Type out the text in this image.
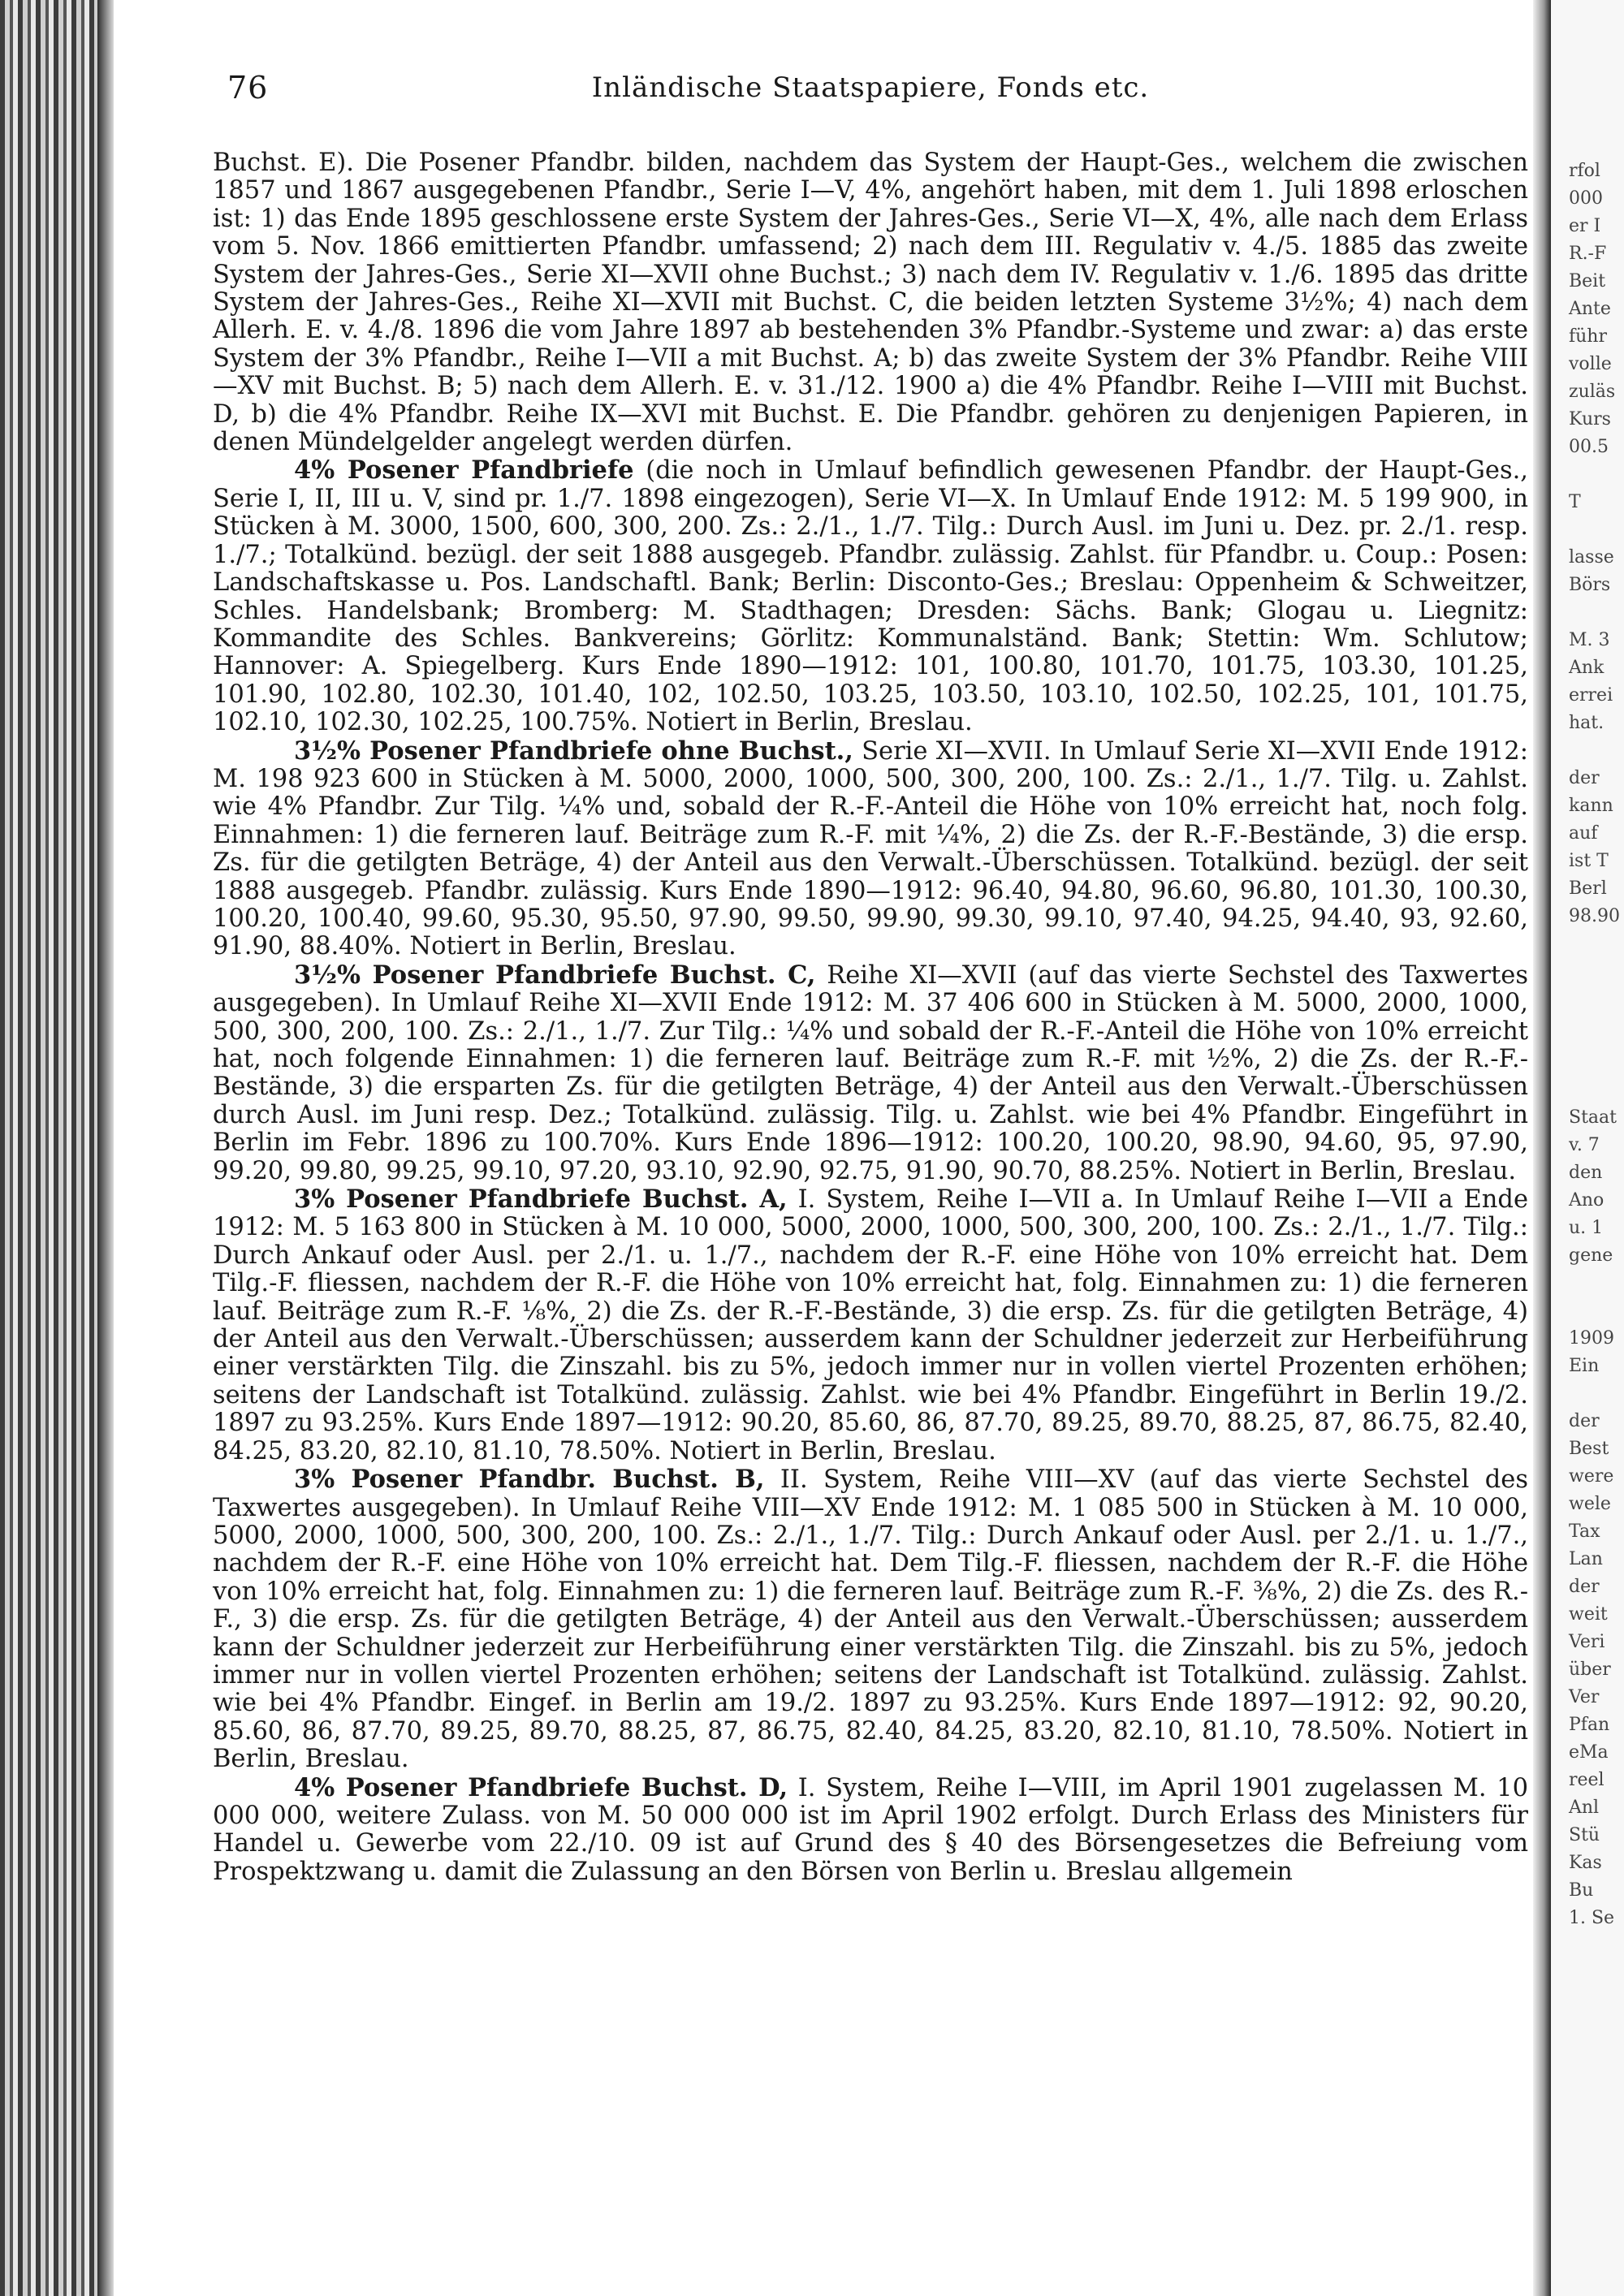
76	Inländische Staatspapiere, Fonds etc.

Buchst. E). Die Posener Pfandbr. bilden, nachdem das System der Haupt-Ges., welchem die zwischen 1857 und 1867 ausgegebenen Pfandbr., Serie I—V, 4%, angehört haben, mit dem 1. Juli 1898 erloschen ist: 1) das Ende 1895 geschlossene erste System der Jahres-Ges., Serie VI—X, 4%, alle nach dem Erlass vom 5. Nov. 1866 emittierten Pfandbr. umfassend; 2) nach dem III. Regulativ v. 4./5. 1885 das zweite System der Jahres-Ges., Serie XI—XVII ohne Buchst.; 3) nach dem IV. Regulativ v. 1./6. 1895 das dritte System der Jahres-Ges., Reihe XI—XVII mit Buchst. C, die beiden letzten Systeme 3½%; 4) nach dem Allerh. E. v. 4./8. 1896 die vom Jahre 1897 ab bestehenden 3% Pfandbr.-Systeme und zwar: a) das erste System der 3% Pfandbr., Reihe I—VII a mit Buchst. A; b) das zweite System der 3% Pfandbr. Reihe VIII—XV mit Buchst. B; 5) nach dem Allerh. E. v. 31./12. 1900 a) die 4% Pfandbr. Reihe I—VIII mit Buchst. D, b) die 4% Pfandbr. Reihe IX—XVI mit Buchst. E. Die Pfandbr. gehören zu denjenigen Papieren, in denen Mündelgelder angelegt werden dürfen.

4% Posener Pfandbriefe (die noch in Umlauf befindlich gewesenen Pfandbr. der Haupt-Ges., Serie I, II, III u. V, sind pr. 1./7. 1898 eingezogen), Serie VI—X. In Umlauf Ende 1912: M. 5 199 900, in Stücken à M. 3000, 1500, 600, 300, 200. Zs.: 2./1., 1./7. Tilg.: Durch Ausl. im Juni u. Dez. pr. 2./1. resp. 1./7.; Totalkünd. bezügl. der seit 1888 ausgegeb. Pfandbr. zulässig. Zahlst. für Pfandbr. u. Coup.: Posen: Landschaftskasse u. Pos. Landschaftl. Bank; Berlin: Disconto-Ges.; Breslau: Oppenheim & Schweitzer, Schles. Handelsbank; Bromberg: M. Stadthagen; Dresden: Sächs. Bank; Glogau u. Liegnitz: Kommandite des Schles. Bankvereins; Görlitz: Kommunalständ. Bank; Stettin: Wm. Schlutow; Hannover: A. Spiegelberg. Kurs Ende 1890—1912: 101, 100.80, 101.70, 101.75, 103.30, 101.25, 101.90, 102.80, 102.30, 101.40, 102, 102.50, 103.25, 103.50, 103.10, 102.50, 102.25, 101, 101.75, 102.10, 102.30, 102.25, 100.75%. Notiert in Berlin, Breslau.

3½% Posener Pfandbriefe ohne Buchst., Serie XI—XVII. In Umlauf Serie XI—XVII Ende 1912: M. 198 923 600 in Stücken à M. 5000, 2000, 1000, 500, 300, 200, 100. Zs.: 2./1., 1./7. Tilg. u. Zahlst. wie 4% Pfandbr. Zur Tilg. ¼% und, sobald der R.-F.-Anteil die Höhe von 10% erreicht hat, noch folg. Einnahmen: 1) die ferneren lauf. Beiträge zum R.-F. mit ¼%, 2) die Zs. der R.-F.-Bestände, 3) die ersp. Zs. für die getilgten Beträge, 4) der Anteil aus den Verwalt.-Überschüssen. Totalkünd. bezügl. der seit 1888 ausgegeb. Pfandbr. zulässig. Kurs Ende 1890—1912: 96.40, 94.80, 96.60, 96.80, 101.30, 100.30, 100.20, 100.40, 99.60, 95.30, 95.50, 97.90, 99.50, 99.90, 99.30, 99.10, 97.40, 94.25, 94.40, 93, 92.60, 91.90, 88.40%. Notiert in Berlin, Breslau.

3½% Posener Pfandbriefe Buchst. C, Reihe XI—XVII (auf das vierte Sechstel des Taxwertes ausgegeben). In Umlauf Reihe XI—XVII Ende 1912: M. 37 406 600 in Stücken à M. 5000, 2000, 1000, 500, 300, 200, 100. Zs.: 2./1., 1./7. Zur Tilg.: ¼% und sobald der R.-F.-Anteil die Höhe von 10% erreicht hat, noch folgende Einnahmen: 1) die ferneren lauf. Beiträge zum R.-F. mit ½%, 2) die Zs. der R.-F.-Bestände, 3) die ersparten Zs. für die getilgten Beträge, 4) der Anteil aus den Verwalt.-Überschüssen durch Ausl. im Juni resp. Dez.; Totalkünd. zulässig. Tilg. u. Zahlst. wie bei 4% Pfandbr. Eingeführt in Berlin im Febr. 1896 zu 100.70%. Kurs Ende 1896—1912: 100.20, 100.20, 98.90, 94.60, 95, 97.90, 99.20, 99.80, 99.25, 99.10, 97.20, 93.10, 92.90, 92.75, 91.90, 90.70, 88.25%. Notiert in Berlin, Breslau.

3% Posener Pfandbriefe Buchst. A, I. System, Reihe I—VII a. In Umlauf Reihe I—VII a Ende 1912: M. 5 163 800 in Stücken à M. 10 000, 5000, 2000, 1000, 500, 300, 200, 100. Zs.: 2./1., 1./7. Tilg.: Durch Ankauf oder Ausl. per 2./1. u. 1./7., nachdem der R.-F. eine Höhe von 10% erreicht hat. Dem Tilg.-F. fliessen, nachdem der R.-F. die Höhe von 10% erreicht hat, folg. Einnahmen zu: 1) die ferneren lauf. Beiträge zum R.-F. ⅛%, 2) die Zs. der R.-F.-Bestände, 3) die ersp. Zs. für die getilgten Beträge, 4) der Anteil aus den Verwalt.-Überschüssen; ausserdem kann der Schuldner jederzeit zur Herbeiführung einer verstärkten Tilg. die Zinszahl. bis zu 5%, jedoch immer nur in vollen viertel Prozenten erhöhen; seitens der Landschaft ist Totalkünd. zulässig. Zahlst. wie bei 4% Pfandbr. Eingeführt in Berlin 19./2. 1897 zu 93.25%. Kurs Ende 1897—1912: 90.20, 85.60, 86, 87.70, 89.25, 89.70, 88.25, 87, 86.75, 82.40, 84.25, 83.20, 82.10, 81.10, 78.50%. Notiert in Berlin, Breslau.

3% Posener Pfandbr. Buchst. B, II. System, Reihe VIII—XV (auf das vierte Sechstel des Taxwertes ausgegeben). In Umlauf Reihe VIII—XV Ende 1912: M. 1 085 500 in Stücken à M. 10 000, 5000, 2000, 1000, 500, 300, 200, 100. Zs.: 2./1., 1./7. Tilg.: Durch Ankauf oder Ausl. per 2./1. u. 1./7., nachdem der R.-F. eine Höhe von 10% erreicht hat. Dem Tilg.-F. fliessen, nachdem der R.-F. die Höhe von 10% erreicht hat, folg. Einnahmen zu: 1) die ferneren lauf. Beiträge zum R.-F. ⅜%, 2) die Zs. des R.-F., 3) die ersp. Zs. für die getilgten Beträge, 4) der Anteil aus den Verwalt.-Überschüssen; ausserdem kann der Schuldner jederzeit zur Herbeiführung einer verstärkten Tilg. die Zinszahl. bis zu 5%, jedoch immer nur in vollen viertel Prozenten erhöhen; seitens der Landschaft ist Totalkünd. zulässig. Zahlst. wie bei 4% Pfandbr. Eingef. in Berlin am 19./2. 1897 zu 93.25%. Kurs Ende 1897—1912: 92, 90.20, 85.60, 86, 87.70, 89.25, 89.70, 88.25, 87, 86.75, 82.40, 84.25, 83.20, 82.10, 81.10, 78.50%. Notiert in Berlin, Breslau.

4% Posener Pfandbriefe Buchst. D, I. System, Reihe I—VIII, im April 1901 zugelassen M. 10 000 000, weitere Zulass. von M. 50 000 000 ist im April 1902 erfolgt. Durch Erlass des Ministers für Handel u. Gewerbe vom 22./10. 09 ist auf Grund des § 40 des Börsengesetzes die Befreiung vom Prospektzwang u. damit die Zulassung an den Börsen von Berlin u. Breslau allgemein

rfol
000
er I
R.-F
Beit
Ante
führ
volle
zuläs
Kurs
00.5
T
lasse
Börs
M. 3
Ank
errei
hat.
der
kann
auf
ist T
Berl
98.90
Staat
v. 7
den
Ano
u. 1
gene
1909
Ein
der
Best
were
wele
Tax
Lan
der
weit
Veri
über
Ver
Pfan
eMa
reel
Anl
Stü
Kas
Bu
1. Se
